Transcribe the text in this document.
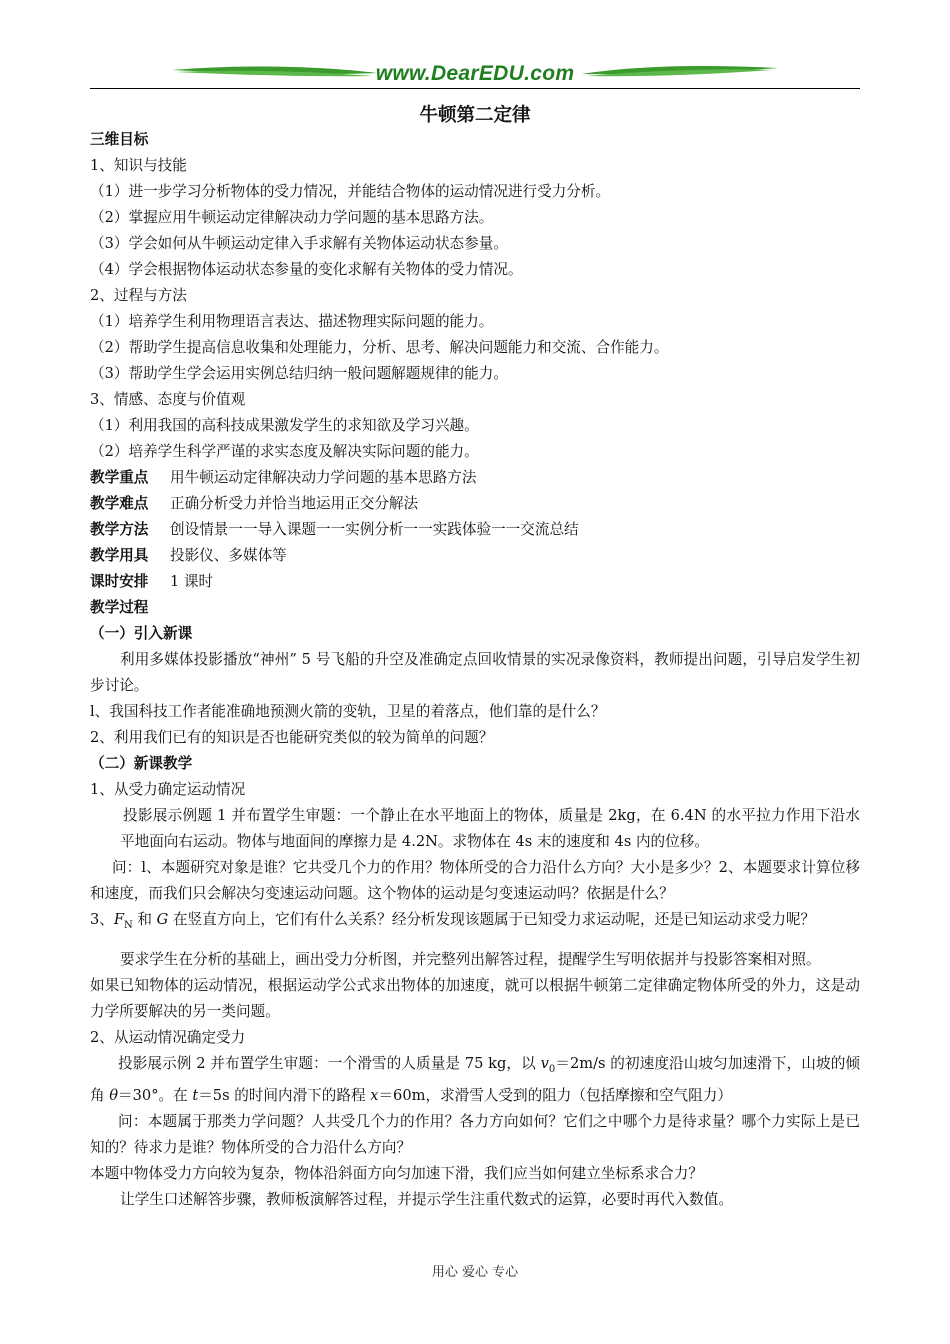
www.DearEDU.com
牛顿第二定律

三维目标

1、知识与技能

（1）进一步学习分析物体的受力情况，并能结合物体的运动情况进行受力分析。

（2）掌握应用牛顿运动定律解决动力学问题的基本思路方法。

（3）学会如何从牛顿运动定律入手求解有关物体运动状态参量。

（4）学会根据物体运动状态参量的变化求解有关物体的受力情况。

2、过程与方法

（1）培养学生利用物理语言表达、描述物理实际问题的能力。

（2）帮助学生提高信息收集和处理能力，分析、思考、解决问题能力和交流、合作能力。

（3）帮助学生学会运用实例总结归纳一般问题解题规律的能力。

3、情感、态度与价值观

（1）利用我国的高科技成果激发学生的求知欲及学习兴趣。

（2）培养学生科学严谨的求实态度及解决实际问题的能力。

教学重点 用牛顿运动定律解决动力学问题的基本思路方法

教学难点 正确分析受力并恰当地运用正交分解法

教学方法 创设情景一一导入课题一一实例分析一一实践体验一一交流总结

教学用具 投影仪、多媒体等

课时安排 1 课时

教学过程

（一）引入新课

利用多媒体投影播放“神州” 5 号飞船的升空及准确定点回收情景的实况录像资料，教师提出问题，引导启发学生初步讨论。

l、我国科技工作者能准确地预测火箭的变轨，卫星的着落点，他们靠的是什么？

2、利用我们已有的知识是否也能研究类似的较为简单的问题？

（二）新课教学

1、从受力确定运动情况

投影展示例题 1 并布置学生审题：一个静止在水平地面上的物体，质量是 2kg，在 6.4N 的水平拉力作用下沿水平地面向右运动。物体与地面间的摩擦力是 4.2N。求物体在 4s 末的速度和 4s 内的位移。

问：l、本题研究对象是谁？它共受几个力的作用？物体所受的合力沿什么方向？大小是多少？2、本题要求计算位移和速度，而我们只会解决匀变速运动问题。这个物体的运动是匀变速运动吗？依据是什么？

3、$F_N$ 和 G 在竖直方向上，它们有什么关系？经分析发现该题属于已知受力求运动呢，还是已知运动求受力呢？

要求学生在分析的基础上，画出受力分析图，并完整列出解答过程，提醒学生写明依据并与投影答案相对照。

如果已知物体的运动情况，根据运动学公式求出物体的加速度，就可以根据牛顿第二定律确定物体所受的外力，这是动力学所要解决的另一类问题。

2、从运动情况确定受力

投影展示例 2 并布置学生审题：一个滑雪的人质量是 75 kg，以 $v_0=2m/s$ 的初速度沿山坡匀加速滑下，山坡的倾角 θ＝30°。在 t＝5s 的时间内滑下的路程 x＝60m，求滑雪人受到的阻力（包括摩擦和空气阻力）

问：本题属于那类力学问题？人共受几个力的作用？各力方向如何？它们之中哪个力是待求量？哪个力实际上是已知的？待求力是谁？物体所受的合力沿什么方向？

本题中物体受力方向较为复杂，物体沿斜面方向匀加速下滑，我们应当如何建立坐标系求合力？

让学生口述解答步骤，教师板演解答过程，并提示学生注重代数式的运算，必要时再代入数值。

用心 爱心 专心
